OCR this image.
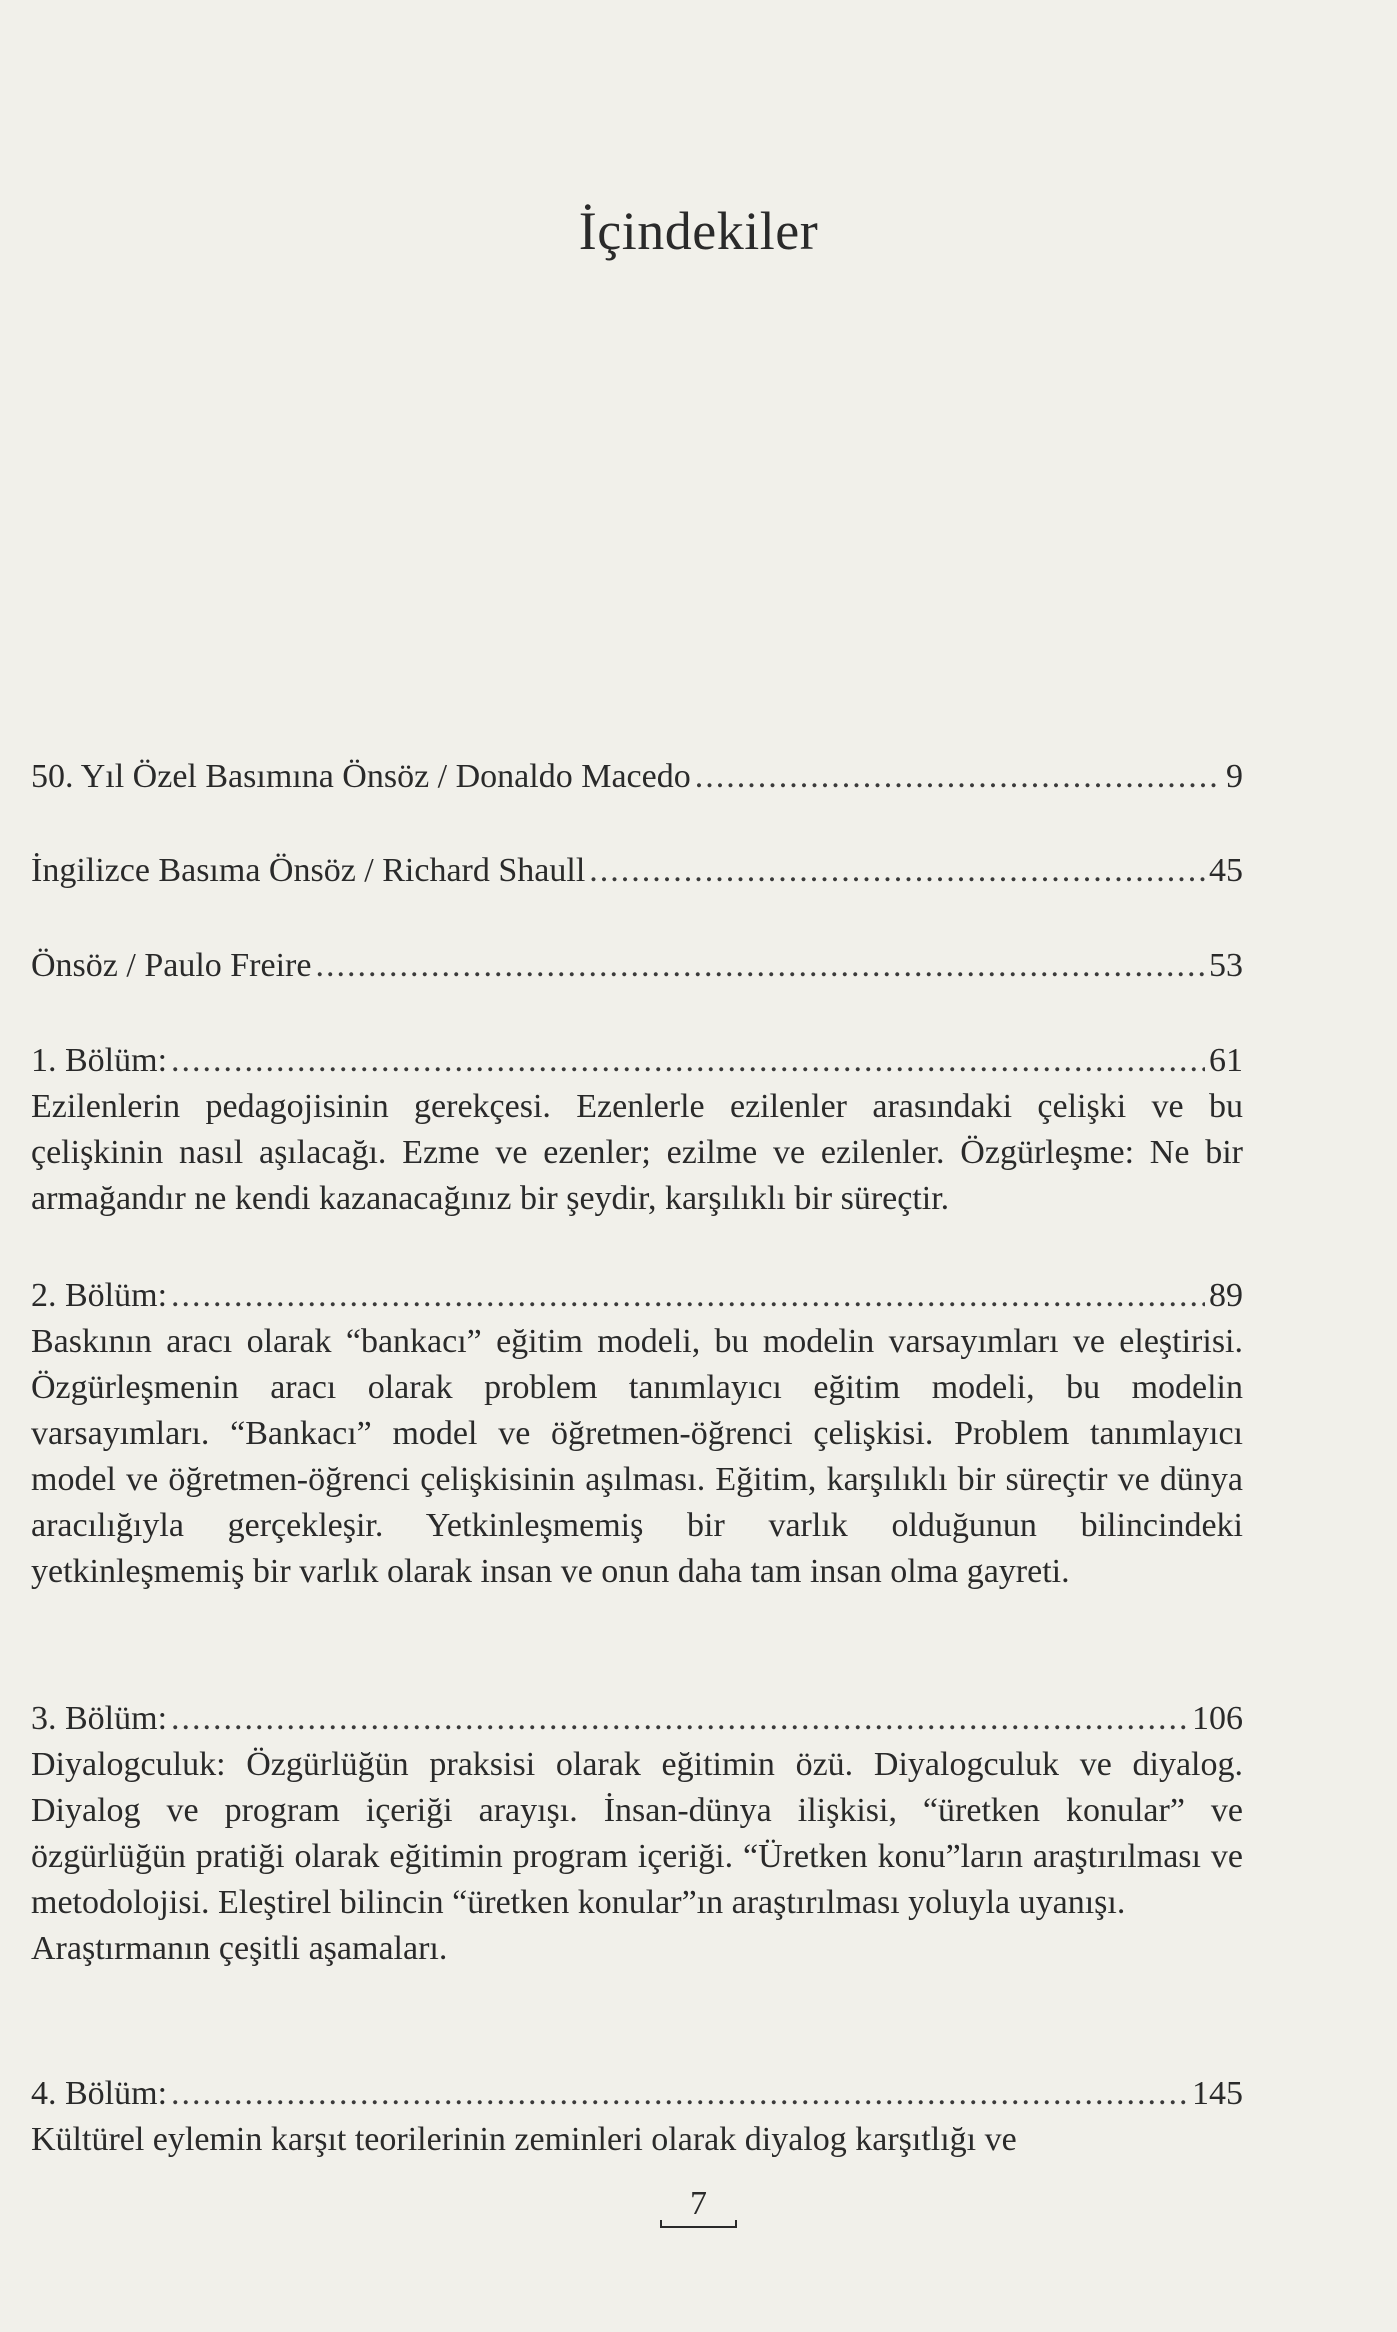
İçindekiler
50. Yıl Özel Basımına Önsöz / Donaldo Macedo .....	9
İngilizce Basıma Önsöz / Richard Shaull .....	45
Önsöz / Paulo Freire .....	53
1. Bölüm: .....	61
Ezilenlerin pedagojisinin gerekçesi. Ezenlerle ezilenler arasındaki çelişki ve bu çelişkinin nasıl aşılacağı. Ezme ve ezenler; ezilme ve ezilenler. Özgürleşme: Ne bir armağandır ne kendi kazanacağınız bir şeydir, karşılıklı bir süreçtir.
2. Bölüm: .....	89
Baskının aracı olarak “bankacı” eğitim modeli, bu modelin varsayımları ve eleştirisi. Özgürleşmenin aracı olarak problem tanımlayıcı eğitim modeli, bu modelin varsayımları. “Bankacı” model ve öğretmen-öğrenci çelişkisi. Problem tanımlayıcı model ve öğretmen-öğrenci çelişkisinin aşılması. Eğitim, karşılıklı bir süreçtir ve dünya aracılığıyla gerçekleşir. Yetkinleşmemiş bir varlık olduğunun bilincindeki yetkinleşmemiş bir varlık olarak insan ve onun daha tam insan olma gayreti.
3. Bölüm: .....	106
Diyalogculuk: Özgürlüğün praksisi olarak eğitimin özü. Diyalogculuk ve diyalog. Diyalog ve program içeriği arayışı. İnsan-dünya ilişkisi, “üretken konular” ve özgürlüğün pratiği olarak eğitimin program içeriği. “Üretken konu”ların araştırılması ve metodolojisi. Eleştirel bilincin “üretken konular”ın araştırılması yoluyla uyanışı.
Araştırmanın çeşitli aşamaları.
4. Bölüm: .....	145
Kültürel eylemin karşıt teorilerinin zeminleri olarak diyalog karşıtlığı ve
7
